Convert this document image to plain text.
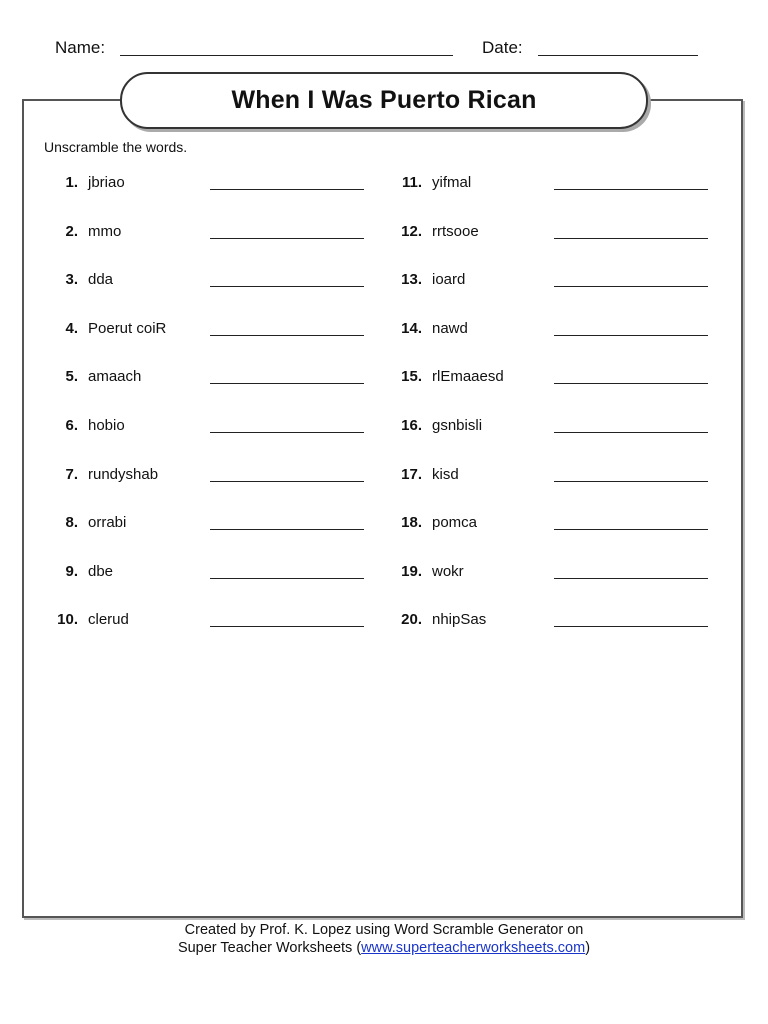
Name:	Date:
When I Was Puerto Rican
Unscramble the words.
1. jbriao
2. mmo
3. dda
4. Poerut coiR
5. amaach
6. hobio
7. rundyshab
8. orrabi
9. dbe
10. clerud
11. yifmal
12. rrtsooe
13. ioard
14. nawd
15. rlEmaaesd
16. gsnbisli
17. kisd
18. pomca
19. wokr
20. nhipSas
Created by Prof. K. Lopez using Word Scramble Generator on
Super Teacher Worksheets (www.superteacherworksheets.com)
